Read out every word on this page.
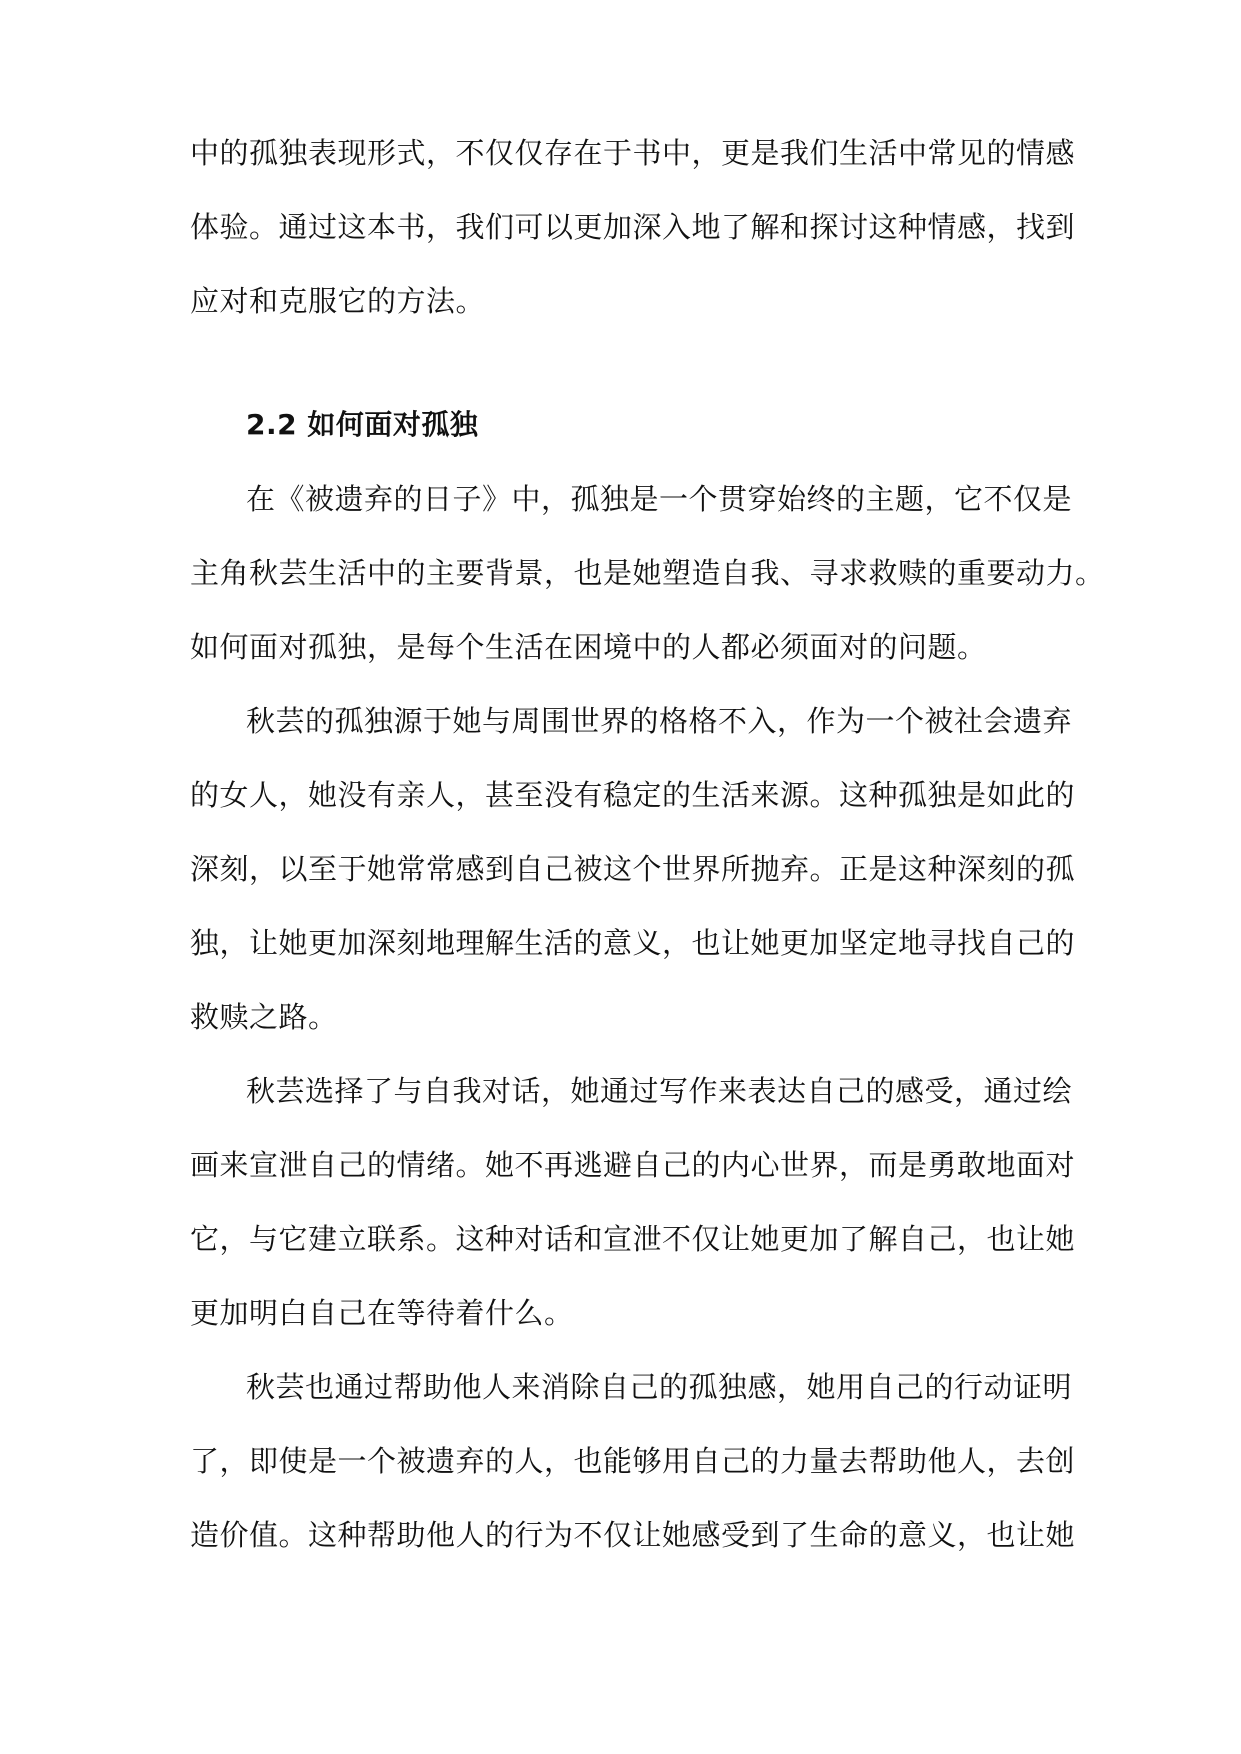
中的孤独表现形式，不仅仅存在于书中，更是我们生活中常见的情感
体验。通过这本书，我们可以更加深入地了解和探讨这种情感，找到
应对和克服它的方法。
2.2 如何面对孤独
在《被遗弃的日子》中，孤独是一个贯穿始终的主题，它不仅是
主角秋芸生活中的主要背景，也是她塑造自我、寻求救赎的重要动力。
如何面对孤独，是每个生活在困境中的人都必须面对的问题。
秋芸的孤独源于她与周围世界的格格不入，作为一个被社会遗弃
的女人，她没有亲人，甚至没有稳定的生活来源。这种孤独是如此的
深刻，以至于她常常感到自己被这个世界所抛弃。正是这种深刻的孤
独，让她更加深刻地理解生活的意义，也让她更加坚定地寻找自己的
救赎之路。
秋芸选择了与自我对话，她通过写作来表达自己的感受，通过绘
画来宣泄自己的情绪。她不再逃避自己的内心世界，而是勇敢地面对
它，与它建立联系。这种对话和宣泄不仅让她更加了解自己，也让她
更加明白自己在等待着什么。
秋芸也通过帮助他人来消除自己的孤独感，她用自己的行动证明
了，即使是一个被遗弃的人，也能够用自己的力量去帮助他人，去创
造价值。这种帮助他人的行为不仅让她感受到了生命的意义，也让她
